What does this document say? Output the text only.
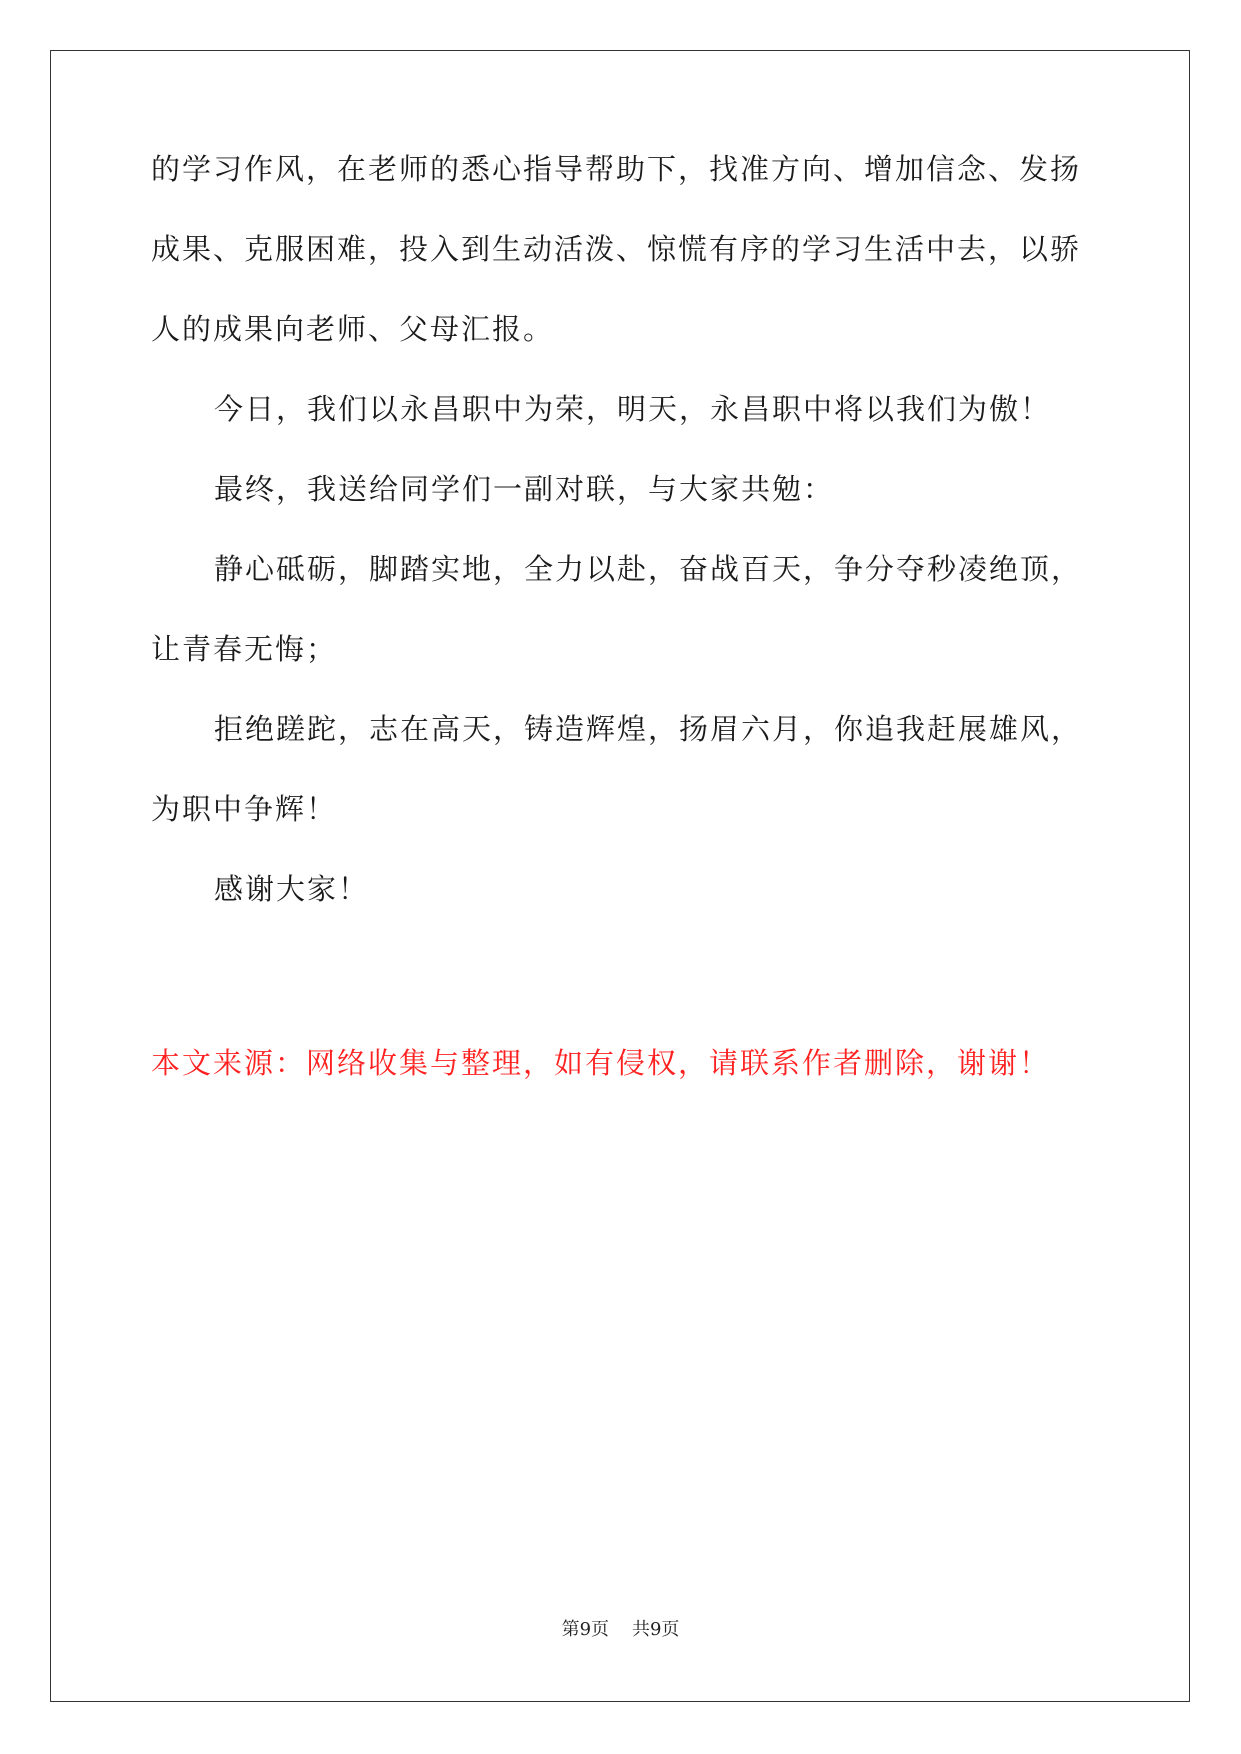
的学习作风，在老师的悉心指导帮助下，找准方向、增加信念、发扬
成果、克服困难，投入到生动活泼、惊慌有序的学习生活中去，以骄
人的成果向老师、父母汇报。
今日，我们以永昌职中为荣，明天，永昌职中将以我们为傲！
最终，我送给同学们一副对联，与大家共勉：
静心砥砺，脚踏实地，全力以赴，奋战百天，争分夺秒凌绝顶，
让青春无悔；
拒绝蹉跎，志在高天，铸造辉煌，扬眉六月，你追我赶展雄风，
为职中争辉！
感谢大家！
本文来源：网络收集与整理，如有侵权，请联系作者删除，谢谢！
第9页 共9页
